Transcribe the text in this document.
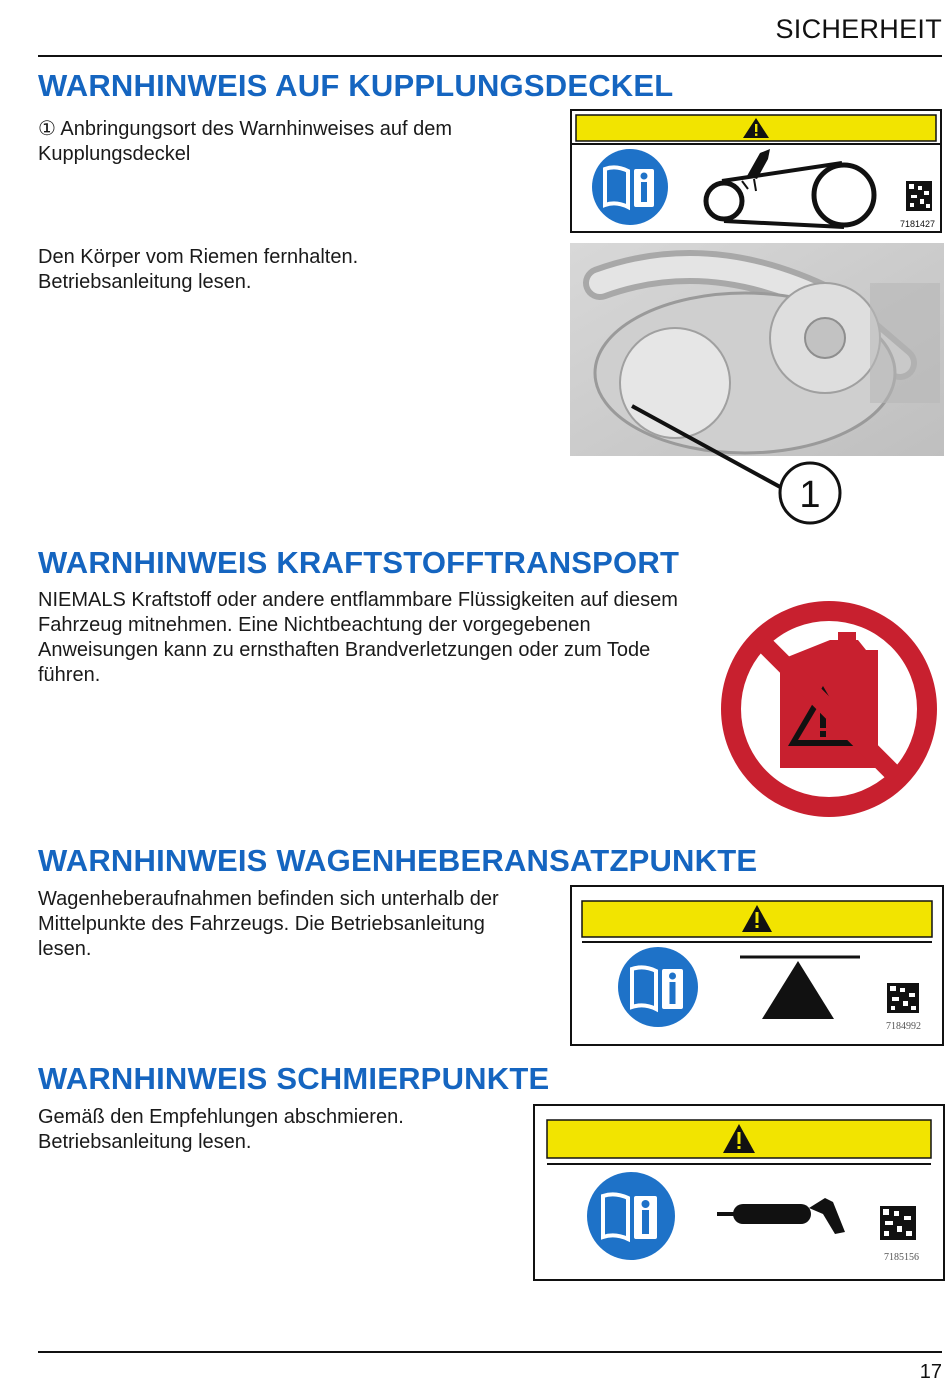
SICHERHEIT
WARNHINWEIS AUF KUPPLUNGSDECKEL
① Anbringungsort des Warnhinweises auf dem Kupplungsdeckel
Den Körper vom Riemen fernhalten. Betriebsanleitung lesen.
7181427
1
WARNHINWEIS KRAFTSTOFFTRANSPORT
NIEMALS Kraftstoff oder andere entflammbare Flüssigkeiten auf diesem Fahrzeug mitnehmen. Eine Nichtbeachtung der vorgegebenen Anweisungen kann zu ernsthaften Brandverletzungen oder zum Tode führen.
WARNHINWEIS WAGENHEBERANSATZPUNKTE
Wagenheberaufnahmen befinden sich unterhalb der Mittelpunkte des Fahrzeugs. Die Betriebsanleitung lesen.
7184992
WARNHINWEIS SCHMIERPUNKTE
Gemäß den Empfehlungen abschmieren. Betriebsanleitung lesen.
7185156
17
